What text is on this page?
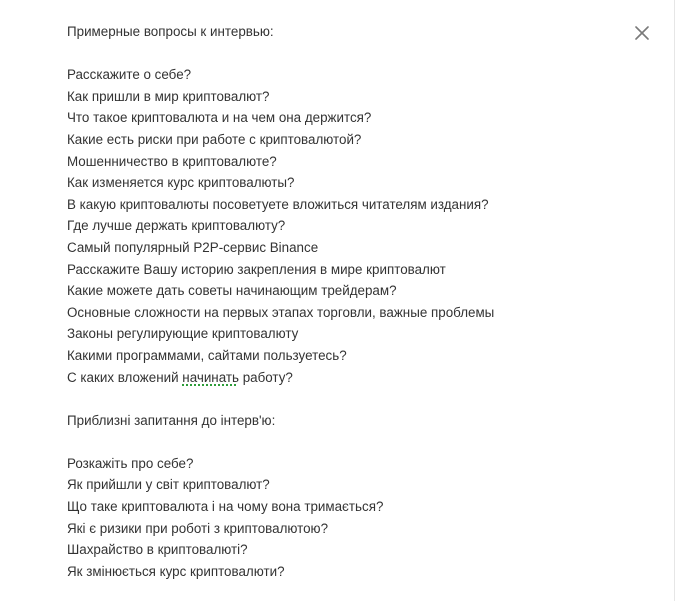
Примерные вопросы к интервью:

Расскажите о себе?

Как пришли в мир криптовалют?

Что такое криптовалюта и на чем она держится?

Какие есть риски при работе с криптовалютой?

Мошенничество в криптовалюте?

Как изменяется курс криптовалюты?

В какую криптовалюты посоветуете вложиться читателям издания?

Где лучше держать криптовалюту?

Самый популярный P2P-сервис Binance

Расскажите Вашу историю закрепления в мире криптовалют

Какие можете дать советы начинающим трейдерам?

Основные сложности на первых этапах торговли, важные проблемы

Законы регулирующие криптовалюту

Какими программами, сайтами пользуетесь?

С каких вложений начинать работу?

Приблизні запитання до інтерв'ю:

Розкажіть про себе?

Як прийшли у світ криптовалют?

Що таке криптовалюта і на чому вона тримається?

Які є ризики при роботі з криптовалютою?

Шахрайство в криптовалюті?

Як змінюється курс криптовалюти?
